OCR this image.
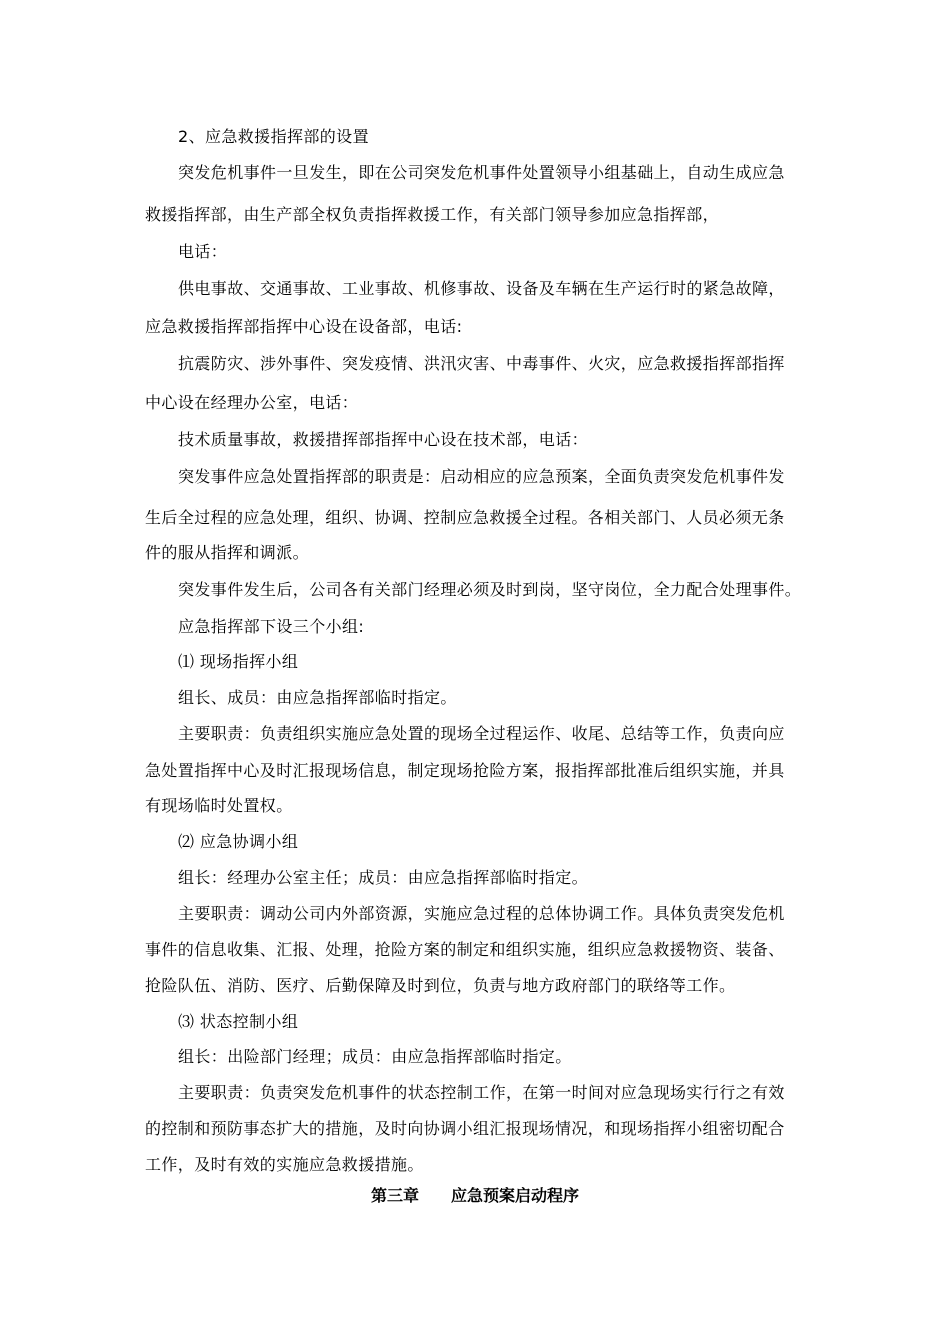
2、应急救援指挥部的设置
突发危机事件一旦发生，即在公司突发危机事件处置领导小组基础上，自动生成应急
救援指挥部，由生产部全权负责指挥救援工作，有关部门领导参加应急指挥部，
电话：
供电事故、交通事故、工业事故、机修事故、设备及车辆在生产运行时的紧急故障，
应急救援指挥部指挥中心设在设备部，电话:
抗震防灾、涉外事件、突发疫情、洪汛灾害、中毒事件、火灾，应急救援指挥部指挥
中心设在经理办公室，电话：
技术质量事故，救援措挥部指挥中心设在技术部，电话：
突发事件应急处置指挥部的职责是：启动相应的应急预案，全面负责突发危机事件发
生后全过程的应急处理，组织、协调、控制应急救援全过程。各相关部门、人员必须无条
件的服从指挥和调派。
突发事件发生后，公司各有关部门经理必须及时到岗，坚守岗位，全力配合处理事件。
应急指挥部下设三个小组:
⑴ 现场指挥小组
组长、成员：由应急指挥部临时指定。
主要职责：负责组织实施应急处置的现场全过程运作、收尾、总结等工作，负责向应
急处置指挥中心及时汇报现场信息，制定现场抢险方案，报指挥部批准后组织实施，并具
有现场临时处置权。
⑵ 应急协调小组
组长：经理办公室主任；成员：由应急指挥部临时指定。
主要职责：调动公司内外部资源，实施应急过程的总体协调工作。具体负责突发危机
事件的信息收集、汇报、处理，抢险方案的制定和组织实施，组织应急救援物资、装备、
抢险队伍、消防、医疗、后勤保障及时到位，负责与地方政府部门的联络等工作。
⑶ 状态控制小组
组长：出险部门经理；成员：由应急指挥部临时指定。
主要职责：负责突发危机事件的状态控制工作，在第一时间对应急现场实行行之有效
的控制和预防事态扩大的措施，及时向协调小组汇报现场情况，和现场指挥小组密切配合
工作，及时有效的实施应急救援措施。
第三章　　应急预案启动程序
